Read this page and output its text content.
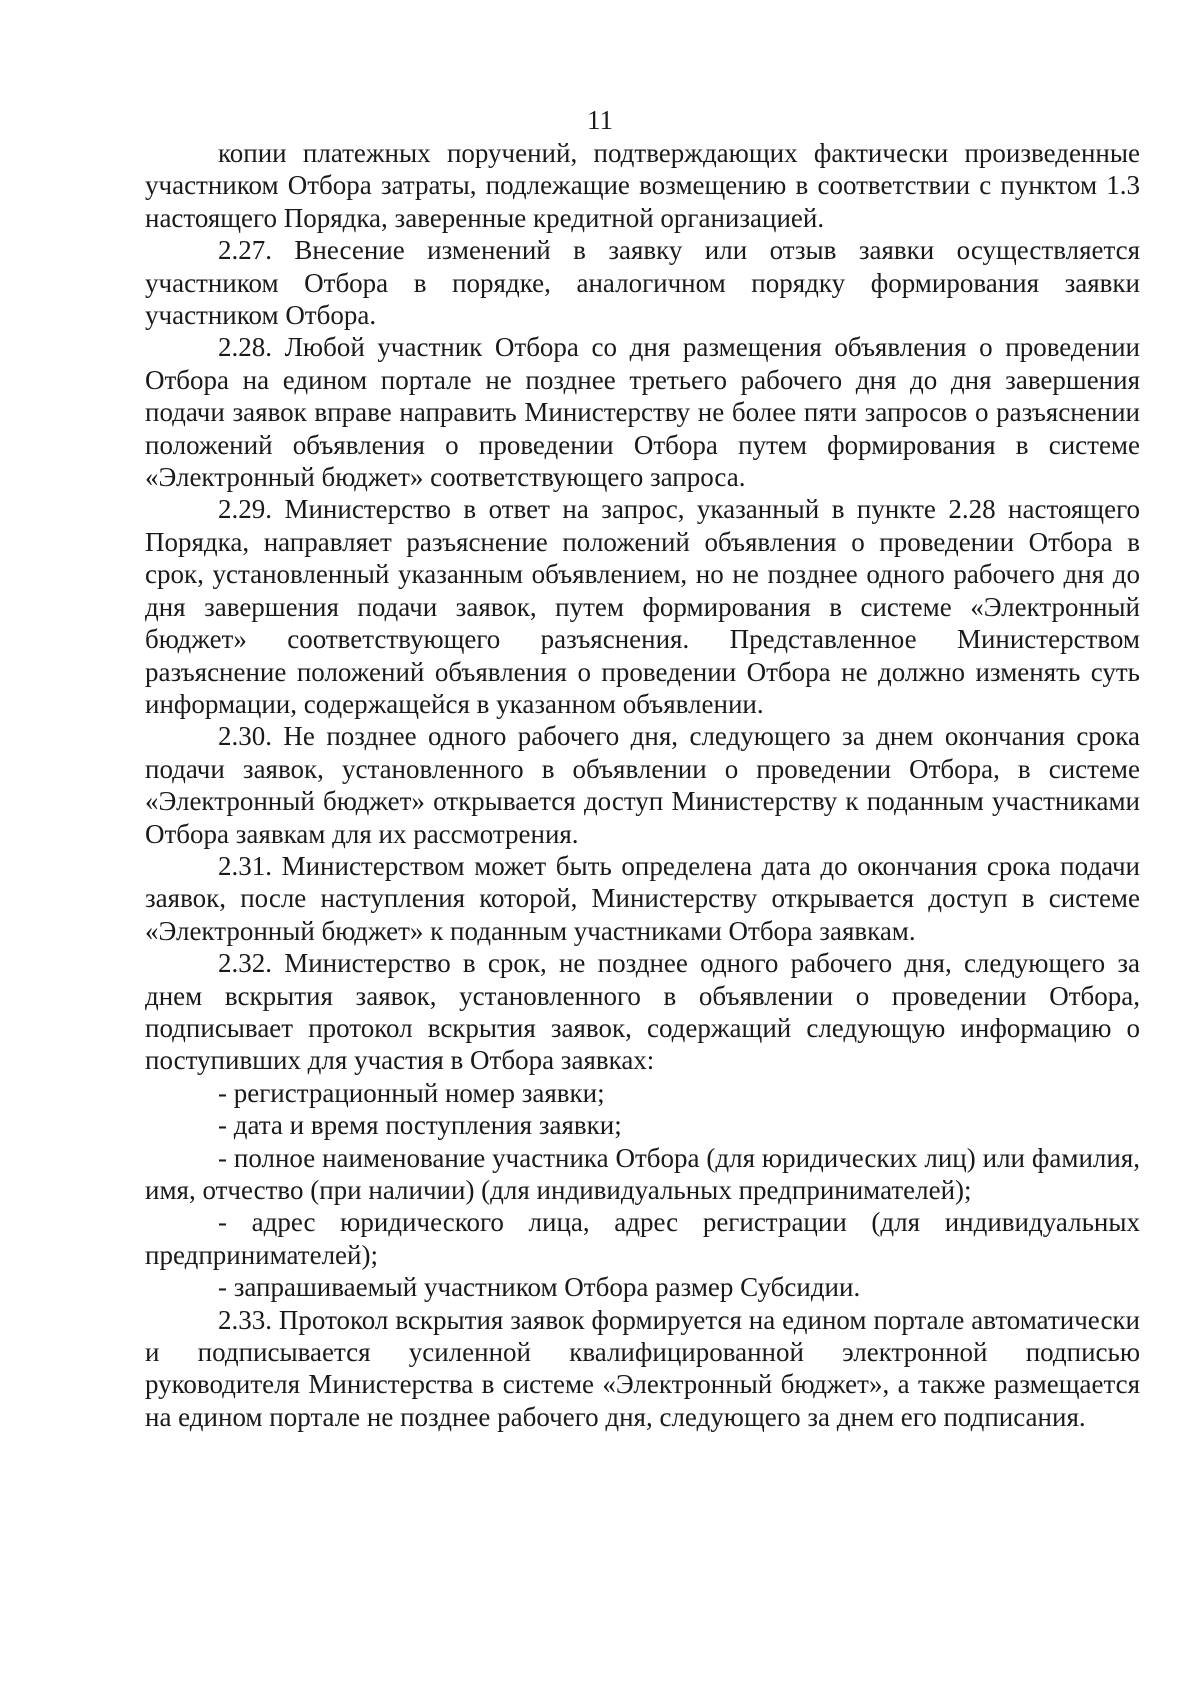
11

копии платежных поручений, подтверждающих фактически произведенные участником Отбора затраты, подлежащие возмещению в соответствии с пунктом 1.3 настоящего Порядка, заверенные кредитной организацией.

2.27. Внесение изменений в заявку или отзыв заявки осуществляется участником Отбора в порядке, аналогичном порядку формирования заявки участником Отбора.

2.28. Любой участник Отбора со дня размещения объявления о проведении Отбора на едином портале не позднее третьего рабочего дня до дня завершения подачи заявок вправе направить Министерству не более пяти запросов о разъяснении положений объявления о проведении Отбора путем формирования в системе «Электронный бюджет» соответствующего запроса.

2.29. Министерство в ответ на запрос, указанный в пункте 2.28 настоящего Порядка, направляет разъяснение положений объявления о проведении Отбора в срок, установленный указанным объявлением, но не позднее одного рабочего дня до дня завершения подачи заявок, путем формирования в системе «Электронный бюджет» соответствующего разъяснения. Представленное Министерством разъяснение положений объявления о проведении Отбора не должно изменять суть информации, содержащейся в указанном объявлении.

2.30. Не позднее одного рабочего дня, следующего за днем окончания срока подачи заявок, установленного в объявлении о проведении Отбора, в системе «Электронный бюджет» открывается доступ Министерству к поданным участниками Отбора заявкам для их рассмотрения.

2.31. Министерством может быть определена дата до окончания срока подачи заявок, после наступления которой, Министерству открывается доступ в системе «Электронный бюджет» к поданным участниками Отбора заявкам.

2.32. Министерство в срок, не позднее одного рабочего дня, следующего за днем вскрытия заявок, установленного в объявлении о проведении Отбора, подписывает протокол вскрытия заявок, содержащий следующую информацию о поступивших для участия в Отбора заявках:

- регистрационный номер заявки;

- дата и время поступления заявки;

- полное наименование участника Отбора (для юридических лиц) или фамилия, имя, отчество (при наличии) (для индивидуальных предпринимателей);

- адрес юридического лица, адрес регистрации (для индивидуальных предпринимателей);

- запрашиваемый участником Отбора размер Субсидии.

2.33. Протокол вскрытия заявок формируется на едином портале автоматически и подписывается усиленной квалифицированной электронной подписью руководителя Министерства в системе «Электронный бюджет», а также размещается на едином портале не позднее рабочего дня, следующего за днем его подписания.
